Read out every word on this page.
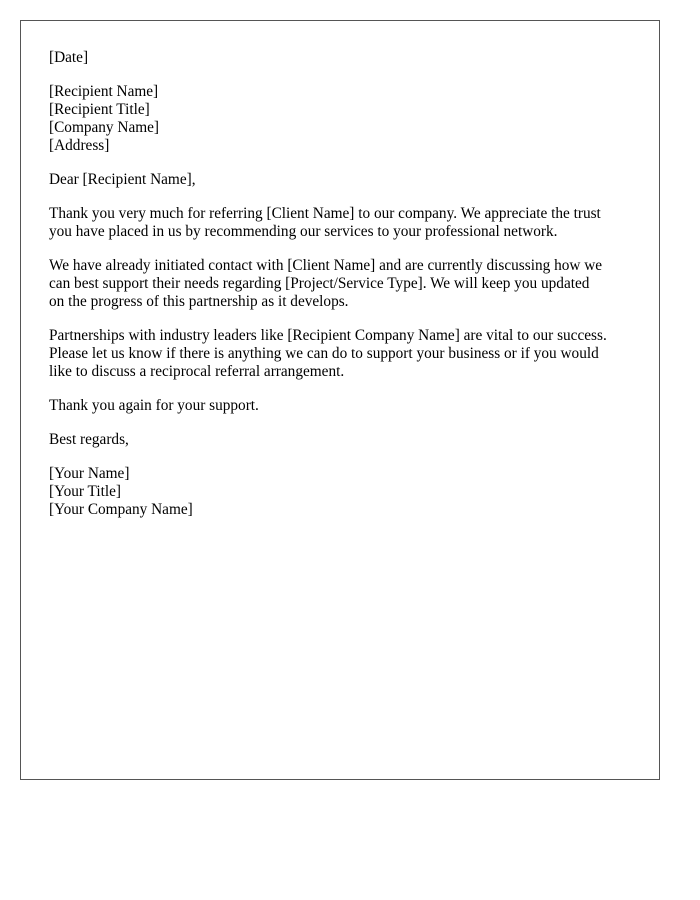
[Date]
[Recipient Name]
[Recipient Title]
[Company Name]
[Address]
Dear [Recipient Name],

Thank you very much for referring [Client Name] to our company. We appreciate the trust
you have placed in us by recommending our services to your professional network.

We have already initiated contact with [Client Name] and are currently discussing how we
can best support their needs regarding [Project/Service Type]. We will keep you updated
on the progress of this partnership as it develops.

Partnerships with industry leaders like [Recipient Company Name] are vital to our success.
Please let us know if there is anything we can do to support your business or if you would
like to discuss a reciprocal referral arrangement.

Thank you again for your support.

Best regards,
[Your Name]
[Your Title]
[Your Company Name]
